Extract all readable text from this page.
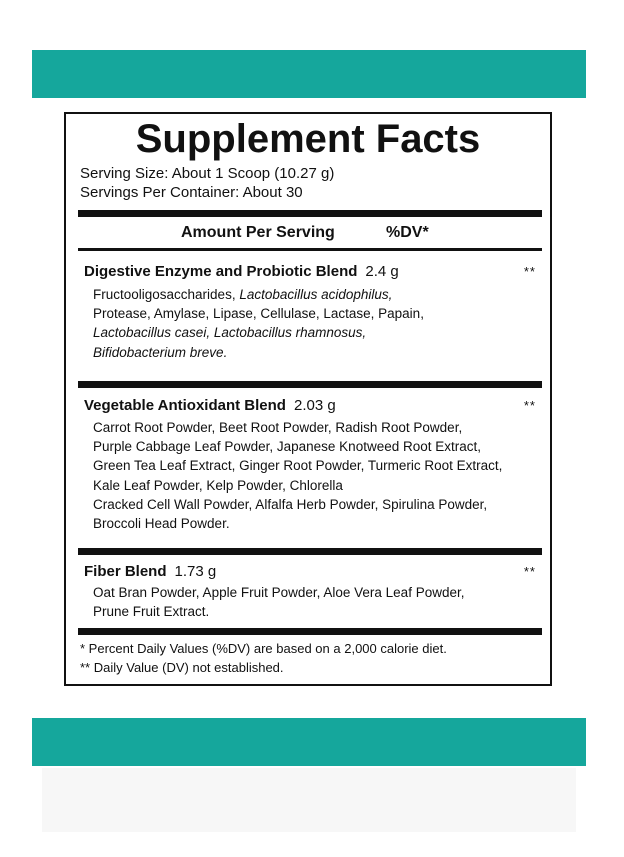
Supplement Facts
Serving Size: About 1 Scoop (10.27 g)
Servings Per Container: About 30
Amount Per Serving	%DV*
Digestive Enzyme and Probiotic Blend 2.4 g	**
Fructooligosaccharides, Lactobacillus acidophilus,
Protease, Amylase, Lipase, Cellulase, Lactase, Papain,
Lactobacillus casei, Lactobacillus rhamnosus,
Bifidobacterium breve.
Vegetable Antioxidant Blend 2.03 g	**
Carrot Root Powder, Beet Root Powder, Radish Root Powder,
Purple Cabbage Leaf Powder, Japanese Knotweed Root Extract,
Green Tea Leaf Extract, Ginger Root Powder, Turmeric Root Extract,
Kale Leaf Powder, Kelp Powder, Chlorella
Cracked Cell Wall Powder, Alfalfa Herb Powder, Spirulina Powder,
Broccoli Head Powder.
Fiber Blend 1.73 g	**
Oat Bran Powder, Apple Fruit Powder, Aloe Vera Leaf Powder,
Prune Fruit Extract.
* Percent Daily Values (%DV) are based on a 2,000 calorie diet.
** Daily Value (DV) not established.
